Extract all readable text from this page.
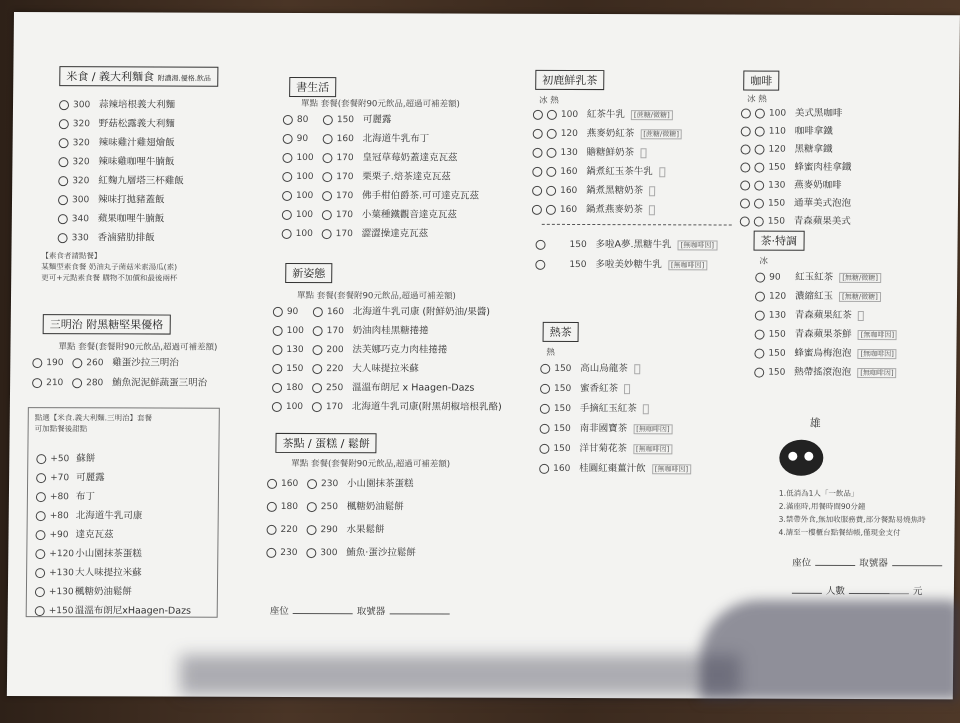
米食 / 義大利麵食 附濃湯.優格.飲品
300 蒜辣培根義大利麵
320 野菇松露義大利麵
320 辣味雞汁雞翅燴飯
320 辣味雞咖哩牛腩飯
320 紅麴九層塔三杯雞飯
300 辣味打拋豬蓋飯
340 蘋果咖哩牛腩飯
330 香滷豬肋排飯
【素食者請點餐】
某麵型素食餐 奶油丸子菌菇米素湯瓜(素)
更可+元點素食餐 購物不加價和最後兩杯
三明治 附黑糖堅果優格
單點 套餐(套餐附90元飲品,超過可補差額)
190	260 雞蛋沙拉三明治
210	280 鮪魚泥泥鮮蔬蛋三明治
點選【米食.義大利麵.三明治】套餐
可加點餐後甜點
+50 蘇餅
+70 可麗露
+80 布丁
+80 北海道牛乳司康
+90 達克瓦茲
+120小山園抹茶蛋糕
+130大人味提拉米蘇
+130楓糖奶油鬆餅
+150溫溫布朗尼xHaagen-Dazs
書生活
單點 套餐(套餐附90元飲品,超過可補差額)
80	150 可麗露
90	160 北海道牛乳布丁
100	170 皇冠草莓奶蓋達克瓦茲
100	170 栗栗子.焙茶達克瓦茲
100	170 佛手柑伯爵茶.可可達克瓦茲
100	170 小葉種鐵觀音達克瓦茲
100	170 澀澀操達克瓦茲
新姿態
單點 套餐(套餐附90元飲品,超過可補差額)
90	160 北海道牛乳司康 (附鮮奶油/果醬)
100	170 奶油肉桂黑糖捲捲
130	200 法芙娜巧克力肉桂捲捲
150	220 大人味提拉米蘇
180	250 溫溫布朗尼 x Haagen-Dazs
100	170 北海道牛乳司康(附黑胡椒培根乳酪)
茶點 / 蛋糕 / 鬆餅
單點 套餐(套餐附90元飲品,超過可補差額)
160	230 小山園抹茶蛋糕
180	250 楓糖奶油鬆餅
220	290 水果鬆餅
230	300 鮪魚·蛋沙拉鬆餅
座位	取號器
初鹿鮮乳茶
冰 熱
100 紅茶牛乳 [蔗糖/微糖]
120 燕麥奶紅茶 [蔗糖/微糖]
130 贍糖鮮奶茶
160 鍋煮紅玉茶牛乳
160 鍋煮黑糖奶茶
160 鍋煮燕麥奶茶
150 多啦A夢.黑糖牛乳 [無咖啡因]
150 多啦美妙糖牛乳 [無咖啡因]
熱茶
熱
150 高山烏龍茶
150 蜜香紅茶
150 手摘紅玉紅茶
150 南非國寶茶 [無咖啡因]
150 洋甘菊花茶 [無咖啡因]
160 桂圓紅棗薑汁飲 [無咖啡因]
咖啡
冰 熱
100 美式黑咖啡
110 咖啡拿鐵
120 黑糖拿鐵
150 蜂蜜肉桂拿鐵
130 燕麥奶咖啡
150 通華美式泡泡
150 青森蘋果美式
茶·特調
冰
90 紅玉紅茶 [無糖/微糖]
120 濃縮紅玉 [無糖/微糖]
130 青森蘋果紅茶
150 青森蘋果茶鮮 [無咖啡因]
150 蜂蜜烏梅泡泡 [無咖啡因]
150 熱帶搖滾泡泡 [無咖啡因]
雄
1.低消為1人「一飲品」
2.滿座時,用餐時間90分鐘
3.禁帶外食,無加收服務費,部分餐點易燒焦時
4.請至一樓櫃台點餐結帳,僅現金支付
座位	取號器
人數	元
